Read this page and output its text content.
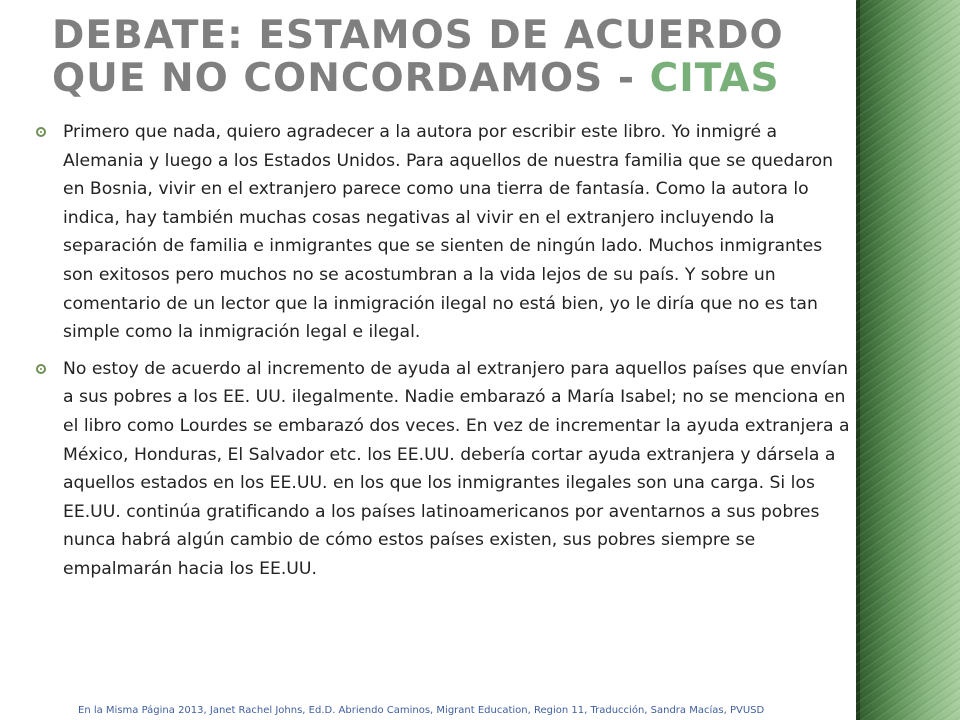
DEBATE: ESTAMOS DE ACUERDO QUE NO CONCORDAMOS - CITAS
Primero que nada, quiero agradecer a la autora por escribir este libro. Yo inmigré a Alemania y luego a los Estados Unidos. Para aquellos de nuestra familia que se quedaron en Bosnia, vivir en el extranjero parece como una tierra de fantasía. Como la autora lo indica, hay también muchas cosas negativas al vivir en el extranjero incluyendo la separación de familia e inmigrantes que se sienten de ningún lado. Muchos inmigrantes son exitosos pero muchos no se acostumbran a la vida lejos de su país. Y sobre un comentario de un lector que la inmigración ilegal no está bien, yo le diría que no es tan simple como la inmigración legal e ilegal.
No estoy de acuerdo al incremento de ayuda al extranjero para aquellos países que envían a sus pobres a los EE. UU. ilegalmente. Nadie embarazó a María Isabel; no se menciona en el libro como Lourdes se embarazó dos veces. En vez de incrementar la ayuda extranjera a México, Honduras, El Salvador etc. los EE.UU. debería cortar ayuda extranjera y dársela a aquellos estados en los EE.UU. en los que los inmigrantes ilegales son una carga. Si los EE.UU. continúa gratificando a los países latinoamericanos por aventarnos a sus pobres nunca habrá algún cambio de cómo estos países existen, sus pobres siempre se empalmarán hacia los EE.UU.
En la Misma Página 2013, Janet Rachel Johns, Ed.D. Abriendo Caminos, Migrant Education, Region 11, Traducción, Sandra Macías, PVUSD
